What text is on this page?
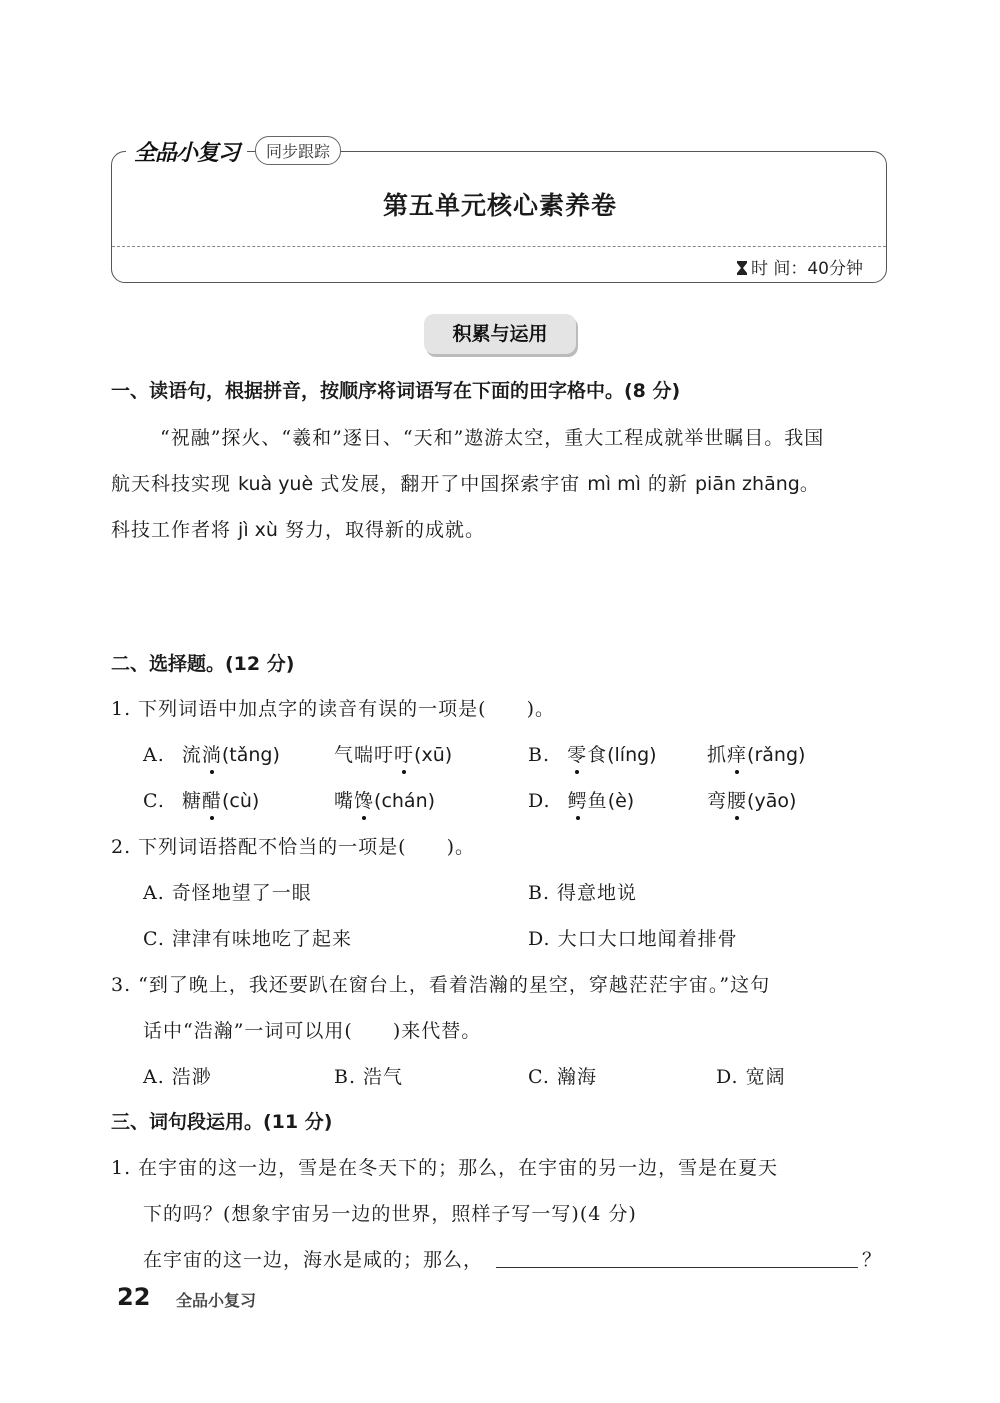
全品小复习	同步跟踪
第五单元核心素养卷
时 间：40分钟
积累与运用
一、读语句，根据拼音，按顺序将词语写在下面的田字格中。(8 分)
“祝融”探火、“羲和”逐日、“天和”遨游太空，重大工程成就举世瞩目。我国
航天科技实现 kuà yuè 式发展，翻开了中国探索宇宙 mì mì 的新 piān zhāng。
科技工作者将 jì xù 努力，取得新的成就。
二、选择题。(12 分)
1. 下列词语中加点字的读音有误的一项是(　　)。
A. 流淌(tǎng)	气喘吁吁(xū)	B. 零食(líng)	抓痒(rǎng)
C. 糖醋(cù)	嘴馋(chán)	D. 鳄鱼(è)	弯腰(yāo)
2. 下列词语搭配不恰当的一项是(　　)。
A. 奇怪地望了一眼	B. 得意地说
C. 津津有味地吃了起来	D. 大口大口地闻着排骨
3. “到了晚上，我还要趴在窗台上，看着浩瀚的星空，穿越茫茫宇宙。”这句
话中“浩瀚”一词可以用(　　)来代替。
A. 浩渺	B. 浩气	C. 瀚海	D. 宽阔
三、词句段运用。(11 分)
1. 在宇宙的这一边，雪是在冬天下的；那么，在宇宙的另一边，雪是在夏天
下的吗？(想象宇宙另一边的世界，照样子写一写)(4 分)
在宇宙的这一边，海水是咸的；那么，	？
22 全品小复习
